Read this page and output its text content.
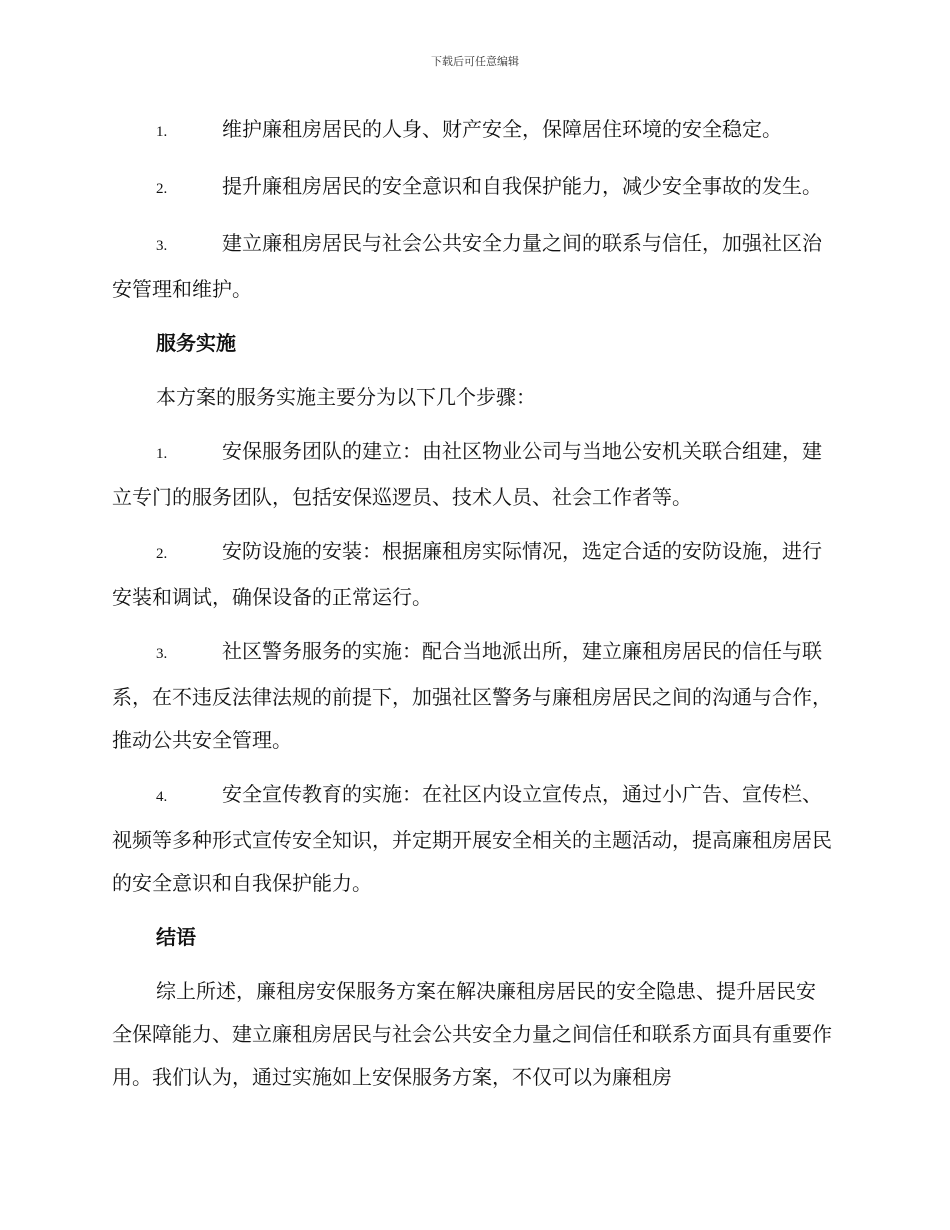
下载后可任意编辑

1.	维护廉租房居民的人身、财产安全，保障居住环境的安全稳定。

2.	提升廉租房居民的安全意识和自我保护能力，减少安全事故的发生。

3.	建立廉租房居民与社会公共安全力量之间的联系与信任，加强社区治安管理和维护。

服务实施

本方案的服务实施主要分为以下几个步骤：

1.	安保服务团队的建立：由社区物业公司与当地公安机关联合组建，建立专门的服务团队，包括安保巡逻员、技术人员、社会工作者等。

2.	安防设施的安装：根据廉租房实际情况，选定合适的安防设施，进行安装和调试，确保设备的正常运行。

3.	社区警务服务的实施：配合当地派出所，建立廉租房居民的信任与联系，在不违反法律法规的前提下，加强社区警务与廉租房居民之间的沟通与合作，推动公共安全管理。

4.	安全宣传教育的实施：在社区内设立宣传点，通过小广告、宣传栏、视频等多种形式宣传安全知识，并定期开展安全相关的主题活动，提高廉租房居民的安全意识和自我保护能力。

结语

综上所述，廉租房安保服务方案在解决廉租房居民的安全隐患、提升居民安全保障能力、建立廉租房居民与社会公共安全力量之间信任和联系方面具有重要作用。我们认为，通过实施如上安保服务方案，不仅可以为廉租房
